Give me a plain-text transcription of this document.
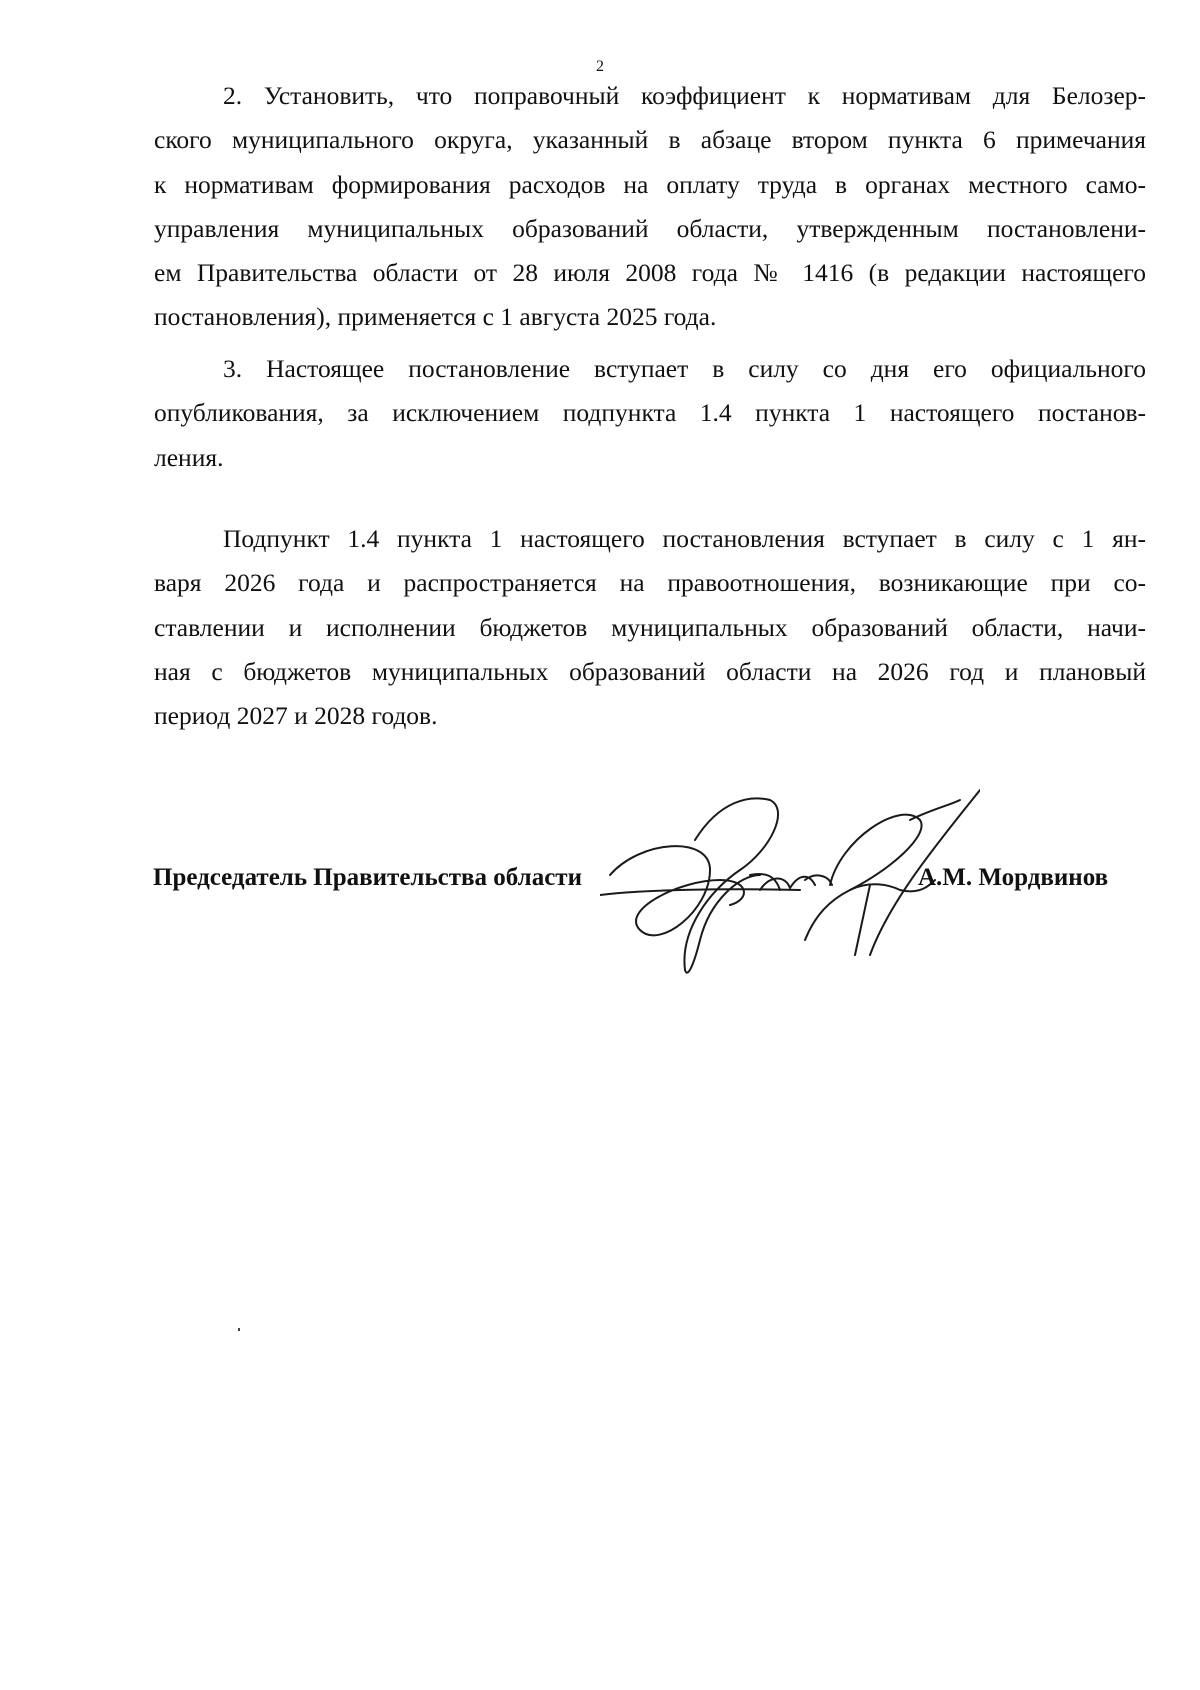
2
2. Установить, что поправочный коэффициент к нормативам для Белозер-
ского муниципального округа, указанный в абзаце втором пункта 6 примечания
к нормативам формирования расходов на оплату труда в органах местного само-
управления муниципальных образований области, утвержденным постановлени-
ем Правительства области от 28 июля 2008 года № 1416 (в редакции настоящего
постановления), применяется с 1 августа 2025 года.
3. Настоящее постановление вступает в силу со дня его официального
опубликования, за исключением подпункта 1.4 пункта 1 настоящего постанов-
ления.
Подпункт 1.4 пункта 1 настоящего постановления вступает в силу с 1 ян-
варя 2026 года и распространяется на правоотношения, возникающие при со-
ставлении и исполнении бюджетов муниципальных образований области, начи-
ная с бюджетов муниципальных образований области на 2026 год и плановый
период 2027 и 2028 годов.
Председатель Правительства области	А.М. Мордвинов
